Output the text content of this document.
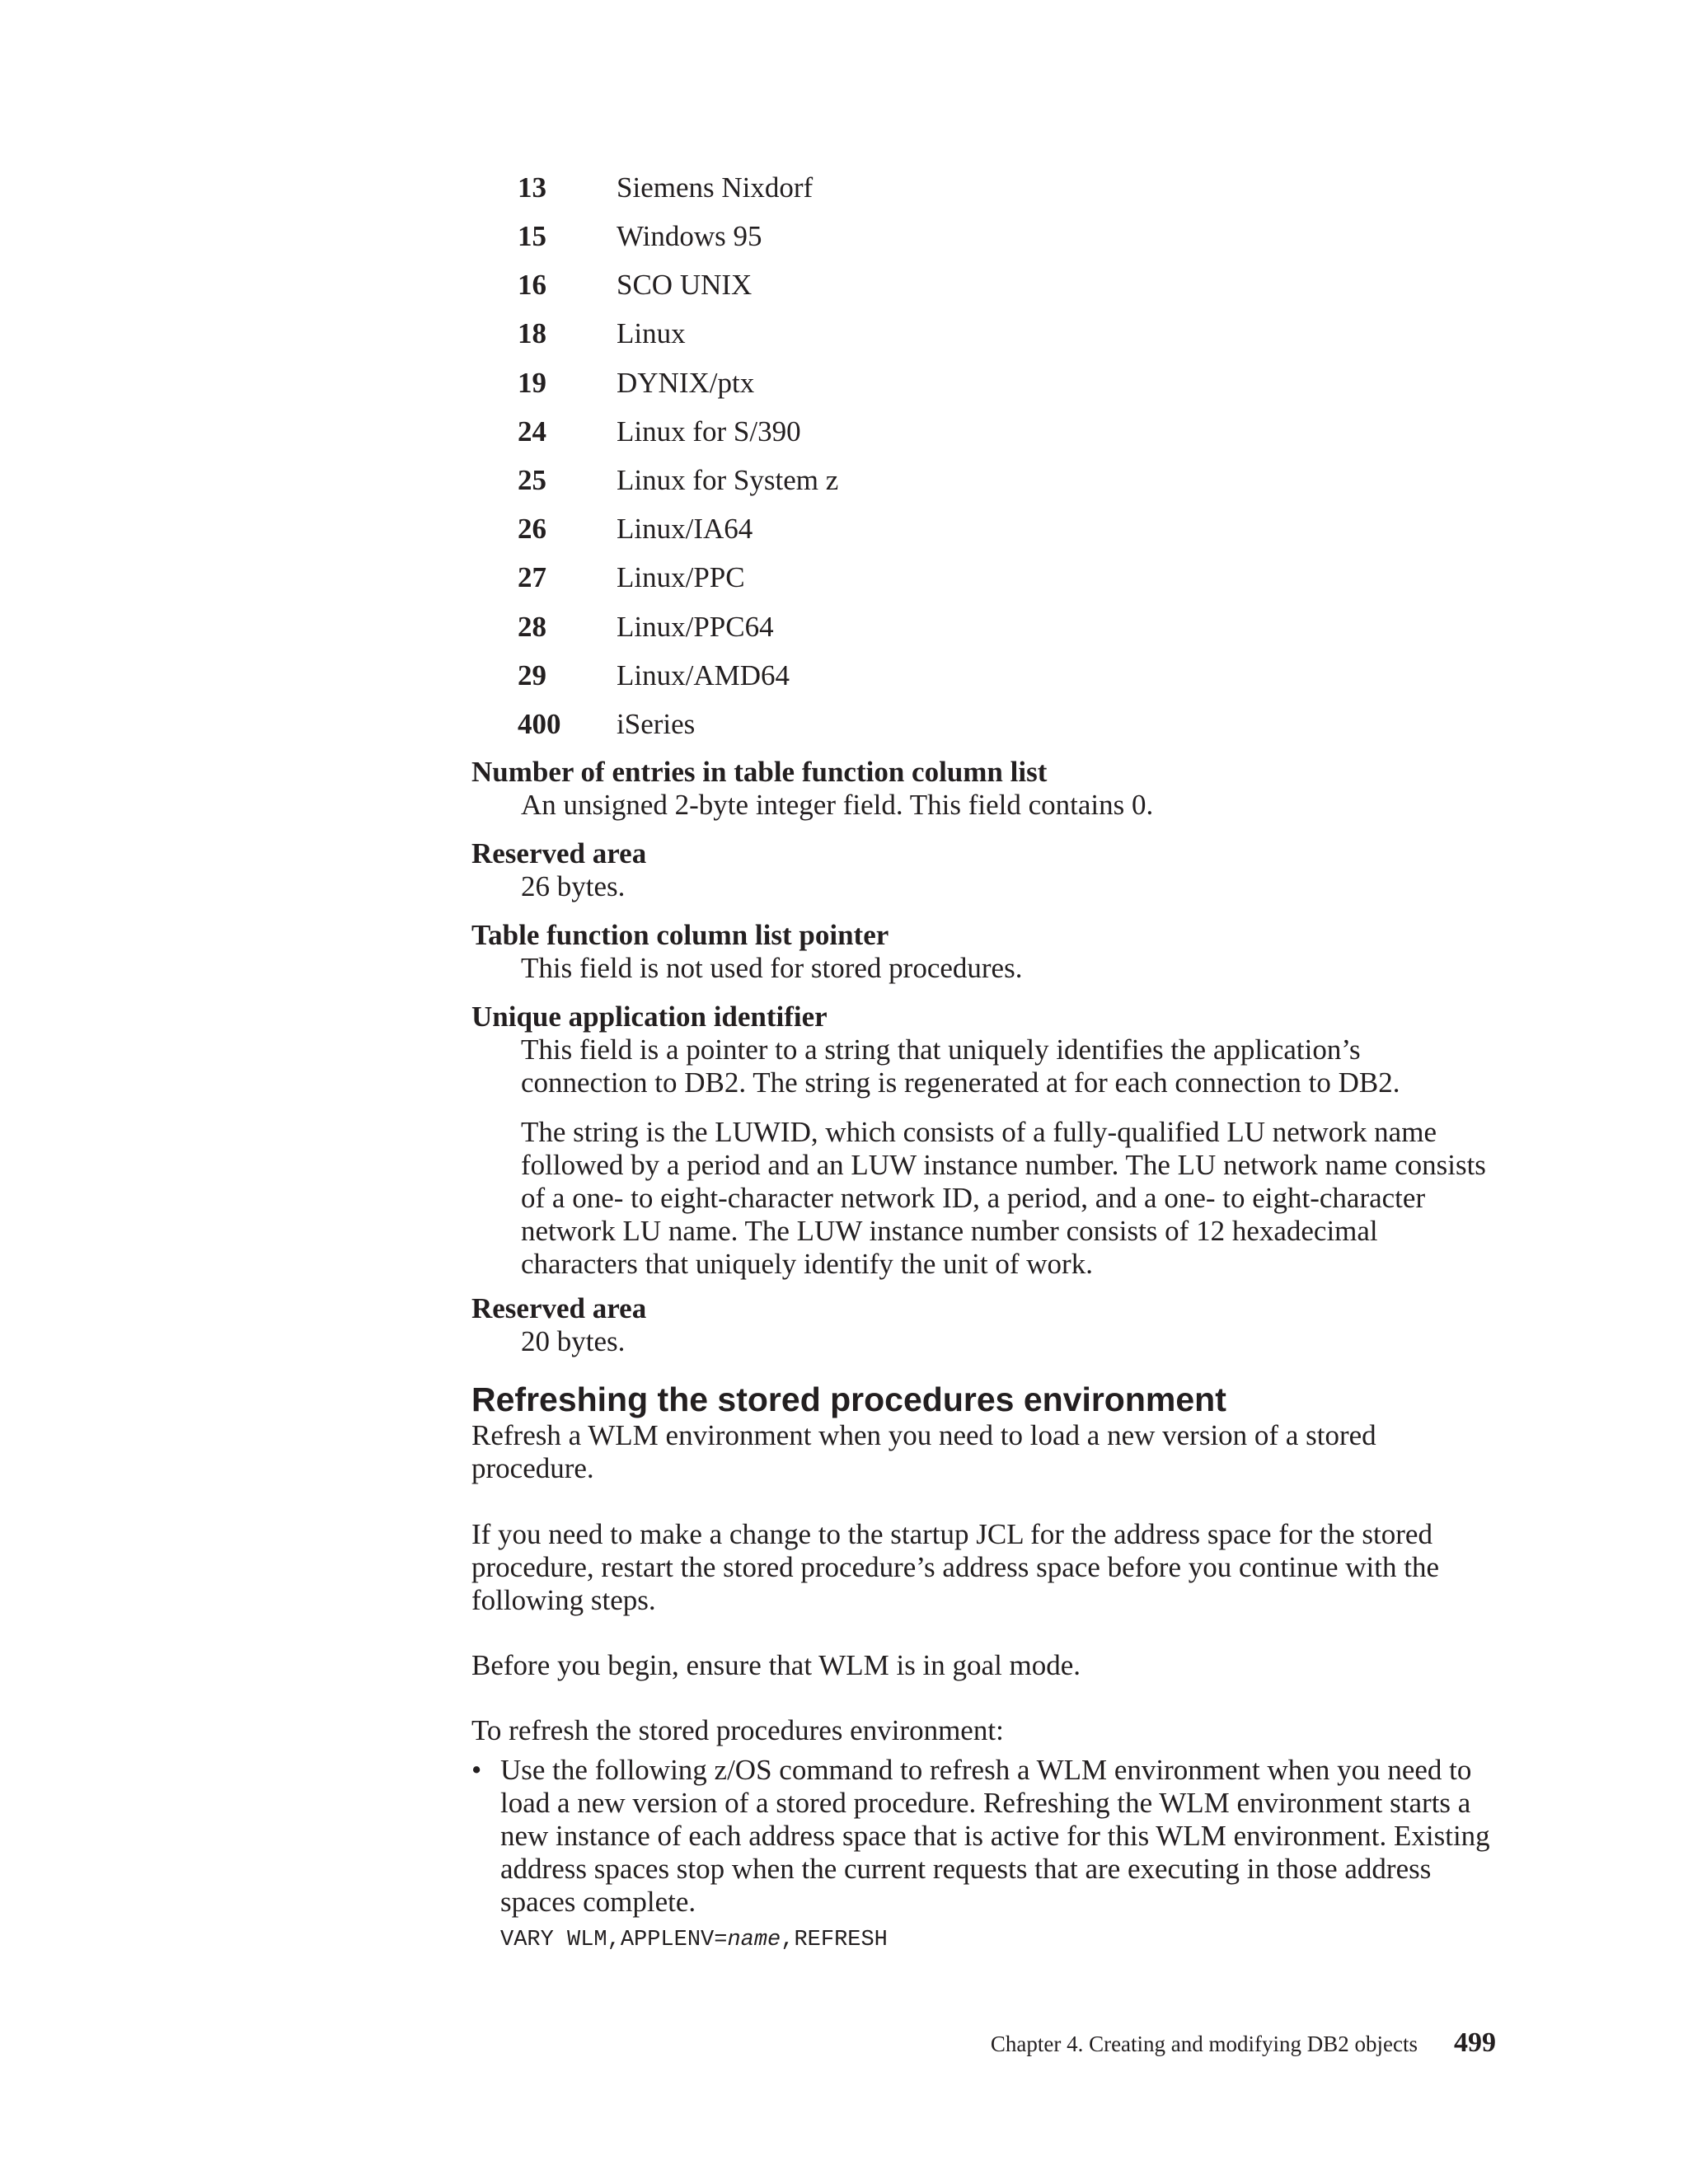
13 Siemens Nixdorf
15 Windows 95
16 SCO UNIX
18 Linux
19 DYNIX/ptx
24 Linux for S/390
25 Linux for System z
26 Linux/IA64
27 Linux/PPC
28 Linux/PPC64
29 Linux/AMD64
400 iSeries

Number of entries in table function column list

An unsigned 2-byte integer field. This field contains 0.

Reserved area

26 bytes.

Table function column list pointer

This field is not used for stored procedures.

Unique application identifier

This field is a pointer to a string that uniquely identifies the application’s connection to DB2. The string is regenerated at for each connection to DB2.

The string is the LUWID, which consists of a fully-qualified LU network name followed by a period and an LUW instance number. The LU network name consists of a one- to eight-character network ID, a period, and a one- to eight-character network LU name. The LUW instance number consists of 12 hexadecimal characters that uniquely identify the unit of work.

Reserved area

20 bytes.

Refreshing the stored procedures environment

Refresh a WLM environment when you need to load a new version of a stored procedure.

If you need to make a change to the startup JCL for the address space for the stored procedure, restart the stored procedure’s address space before you continue with the following steps.

Before you begin, ensure that WLM is in goal mode.

To refresh the stored procedures environment:

• Use the following z/OS command to refresh a WLM environment when you need to load a new version of a stored procedure. Refreshing the WLM environment starts a new instance of each address space that is active for this WLM environment. Existing address spaces stop when the current requests that are executing in those address spaces complete.

VARY WLM,APPLENV=name,REFRESH
Chapter 4. Creating and modifying DB2 objects 499
